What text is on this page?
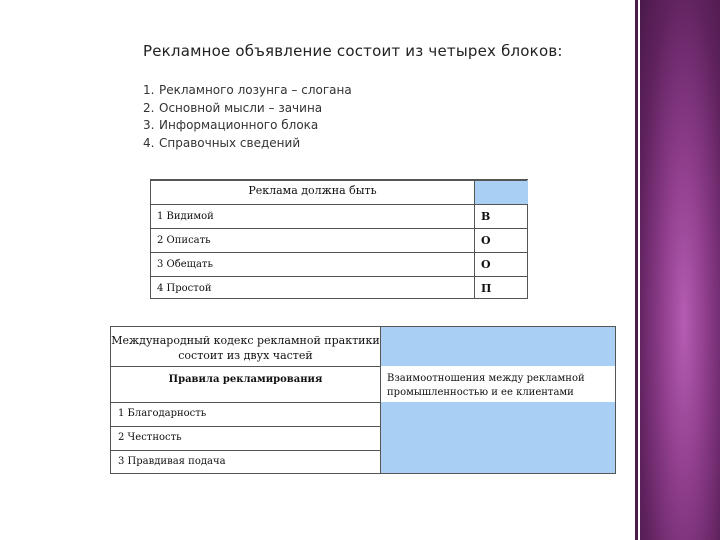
Рекламное объявление состоит из четырех блоков:
1. Рекламного лозунга – слогана
2. Основной мысли – зачина
3. Информационного блока
4. Справочных сведений
Реклама должна быть
1 Видимой	В
2 Описать	О
3 Обещать	О
4 Простой	П
Международный кодекс рекламной практики состоит из двух частей
Правила рекламирования	Взаимоотношения между рекламной промышленностью и ее клиентами
1 Благодарность
2 Честность
3 Правдивая подача
